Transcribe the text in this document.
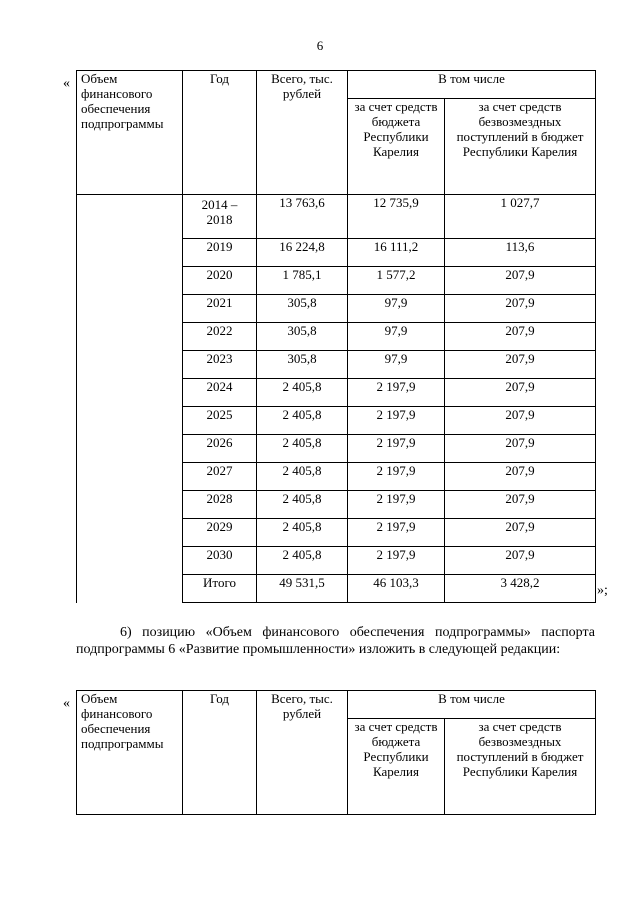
6
« Объем финансового обеспечения подпрограммы	Год	Всего, тыс. рублей	В том числе	
			за счет средств бюджета Республики Карелия	за счет средств безвозмездных поступлений в бюджет Республики Карелия
	2014 – 2018	13 763,6	12 735,9	1 027,7
	2019	16 224,8	16 111,2	113,6
	2020	1 785,1	1 577,2	207,9
	2021	305,8	97,9	207,9
	2022	305,8	97,9	207,9
	2023	305,8	97,9	207,9
	2024	2 405,8	2 197,9	207,9
	2025	2 405,8	2 197,9	207,9
	2026	2 405,8	2 197,9	207,9
	2027	2 405,8	2 197,9	207,9
	2028	2 405,8	2 197,9	207,9
	2029	2 405,8	2 197,9	207,9
	2030	2 405,8	2 197,9	207,9
	Итого	49 531,5	46 103,3	3 428,2
»;
6) позицию «Объем финансового обеспечения подпрограммы» паспорта подпрограммы 6 «Развитие промышленности» изложить в следующей редакции:
« Объем финансового обеспечения подпрограммы	Год	Всего, тыс. рублей	В том числе	
			за счет средств бюджета Республики Карелия	за счет средств безвозмездных поступлений в бюджет Республики Карелия
